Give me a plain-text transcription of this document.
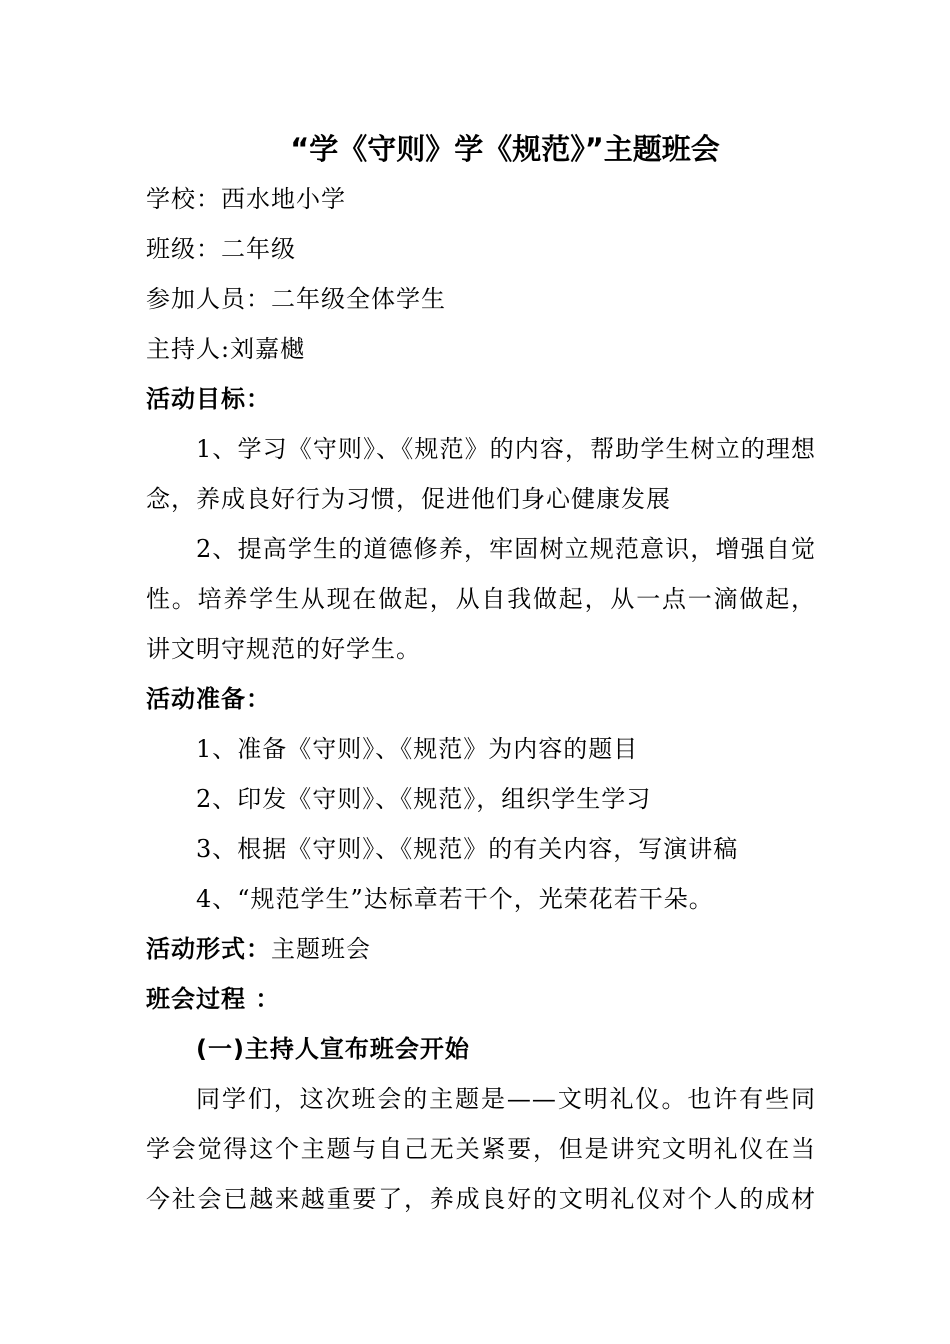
“学《守则》学《规范》”主题班会
学校：西水地小学
班级：二年级
参加人员：二年级全体学生
主持人:刘嘉樾
活动目标：
1、学习《守则》、《规范》的内容，帮助学生树立的理想
念，养成良好行为习惯，促进他们身心健康发展
2、提高学生的道德修养，牢固树立规范意识，增强自觉
性。培养学生从现在做起，从自我做起，从一点一滴做起，
讲文明守规范的好学生。
活动准备：
1、准备《守则》、《规范》为内容的题目
2、印发《守则》、《规范》，组织学生学习
3、根据《守则》、《规范》的有关内容，写演讲稿
4、“规范学生”达标章若干个，光荣花若干朵。
活动形式：主题班会
班会过程 ：
(一)主持人宣布班会开始
同学们，这次班会的主题是——文明礼仪。也许有些同
学会觉得这个主题与自己无关紧要，但是讲究文明礼仪在当
今社会已越来越重要了，养成良好的文明礼仪对个人的成材
